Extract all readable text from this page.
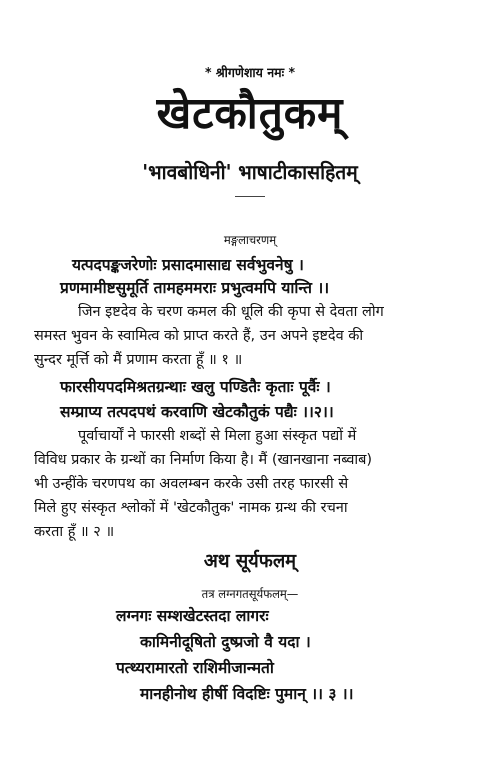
* श्रीगणेशाय नमः *
खेटकौतुकम्
'भावबोधिनी' भाषाटीकासहितम्
मङ्गलाचरणम्
यत्पदपङ्कजरेणोः प्रसादमासाद्य सर्वभुवनेषु ।
प्रणमामीष्टसुमूर्ति तामहममराः प्रभुत्वमपि यान्ति ।।
जिन इष्टदेव के चरण कमल की धूलि की कृपा से देवता लोग
समस्त भुवन के स्वामित्व को प्राप्त करते हैं, उन अपने इष्टदेव की
सुन्दर मूर्त्ति को मैं प्रणाम करता हूँ ॥ १ ॥
फारसीयपदमिश्रतग्रन्थाः खलु पण्डितैः कृताः पूर्वैः ।
सम्प्राप्य तत्पदपथं करवाणि खेटकौतुकं पद्यैः ।।२।।
पूर्वाचार्यों ने फारसी शब्दों से मिला हुआ संस्कृत पद्यों में
विविध प्रकार के ग्रन्थों का निर्माण किया है। मैं (खानखाना नब्वाब)
भी उन्हींके चरणपथ का अवलम्बन करके उसी तरह फारसी से
मिले हुए संस्कृत श्लोकों में 'खेटकौतुक' नामक ग्रन्थ की रचना
करता हूँ ॥ २ ॥
अथ सूर्यफलम्
तत्र लग्नगतसूर्यफलम्—
लग्नगः सम्शखेटस्तदा लागरः
कामिनीदूषितो दुष्प्रजो वै यदा ।
पत्थ्यरामारतो राशिमीजान्मतो
मानहीनोथ हीर्षी विदष्टिः पुमान् ।। ३ ।।
